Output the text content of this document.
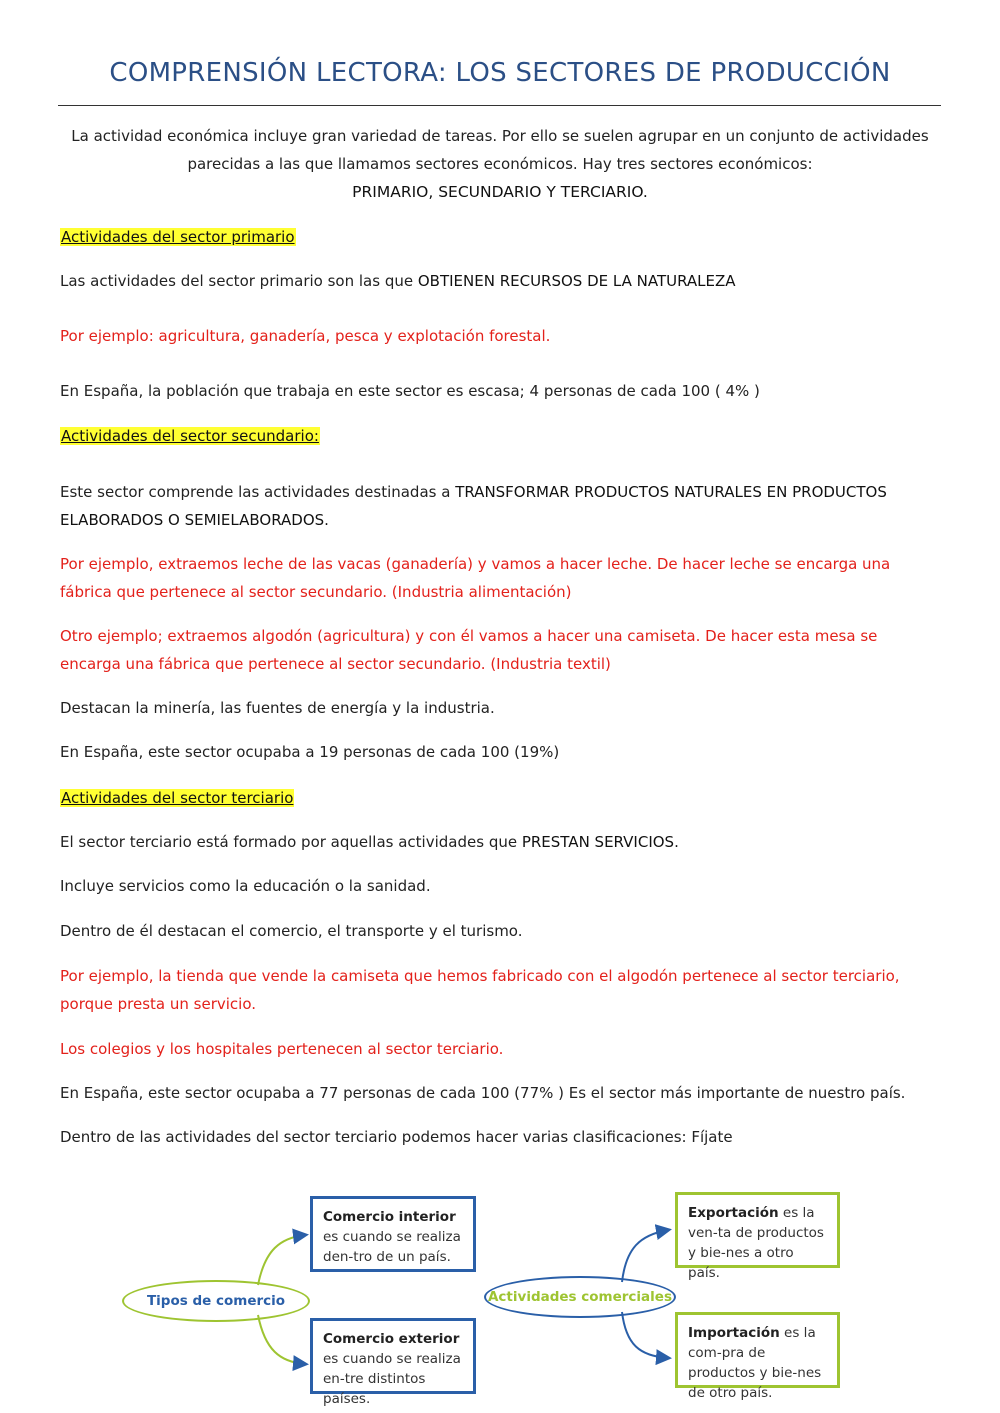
COMPRENSIÓN LECTORA: LOS SECTORES DE PRODUCCIÓN
La actividad económica incluye gran variedad de tareas. Por ello se suelen agrupar en un conjunto de actividades
parecidas a las que llamamos sectores económicos. Hay tres sectores económicos:
PRIMARIO, SECUNDARIO Y TERCIARIO.
Actividades del sector primario
Las actividades del sector primario son las que OBTIENEN RECURSOS DE LA NATURALEZA
Por ejemplo: agricultura, ganadería, pesca y explotación forestal.
En España, la población que trabaja en este sector es escasa; 4 personas de cada 100 ( 4% )
Actividades del sector secundario:
Este sector comprende las actividades destinadas a TRANSFORMAR PRODUCTOS NATURALES EN PRODUCTOS
ELABORADOS O SEMIELABORADOS.
Por ejemplo, extraemos leche de las vacas (ganadería) y vamos a hacer leche. De hacer leche se encarga una
fábrica que pertenece al sector secundario. (Industria alimentación)
Otro ejemplo; extraemos algodón (agricultura) y con él vamos a hacer una camiseta. De hacer esta mesa se
encarga una fábrica que pertenece al sector secundario. (Industria textil)
Destacan la minería, las fuentes de energía y la industria.
En España, este sector ocupaba a 19 personas de cada 100 (19%)
Actividades del sector terciario
El sector terciario está formado por aquellas actividades que PRESTAN SERVICIOS.
Incluye servicios como la educación o la sanidad.
Dentro de él destacan el comercio, el transporte y el turismo.
Por ejemplo, la tienda que vende la camiseta que hemos fabricado con el algodón pertenece al sector terciario,
porque presta un servicio.
Los colegios y los hospitales pertenecen al sector terciario.
En España, este sector ocupaba a 77 personas de cada 100 (77% ) Es el sector más importante de nuestro país.
Dentro de las actividades del sector terciario podemos hacer varias clasificaciones: Fíjate
Tipos de comercio
Comercio interior es cuando se realiza den-tro de un país.
Comercio exterior es cuando se realiza en-tre distintos países.
Actividades comerciales
Exportación es la ven-ta de productos y bie-nes a otro país.
Importación es la com-pra de productos y bie-nes de otro país.
